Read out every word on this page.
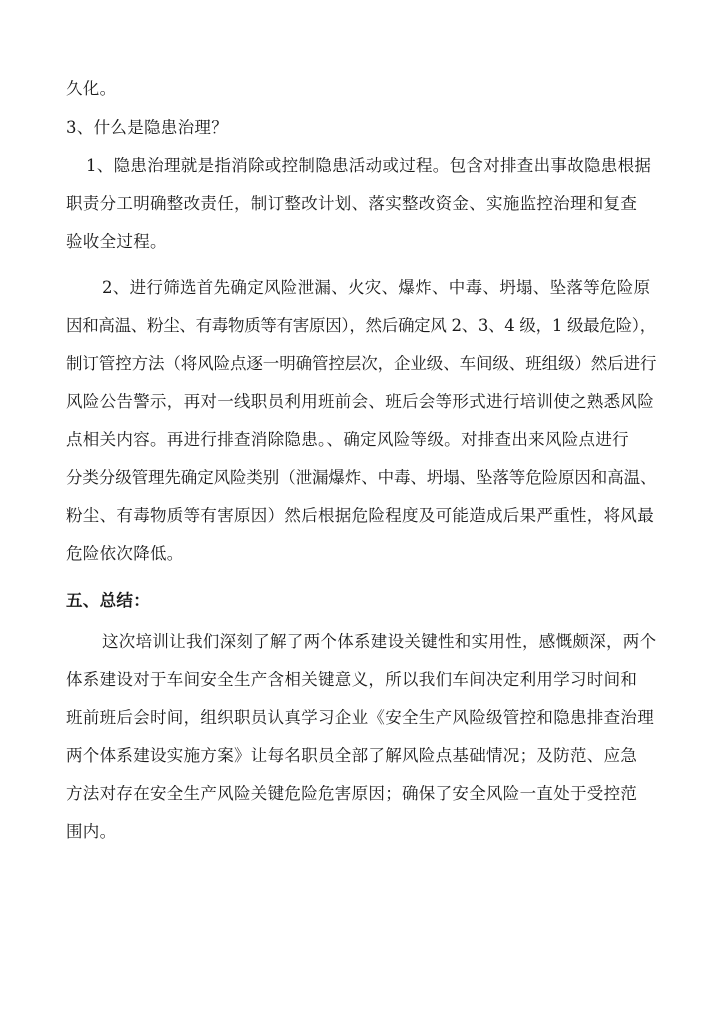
久化。
3、什么是隐患治理？
1、隐患治理就是指消除或控制隐患活动或过程。包含对排查出事故隐患根据
职责分工明确整改责任，制订整改计划、落实整改资金、实施监控治理和复查
验收全过程。
2、进行筛选首先确定风险泄漏、火灾、爆炸、中毒、坍塌、坠落等危险原
因和高温、粉尘、有毒物质等有害原因），然后确定风 2、3、4 级，1 级最危险），
制订管控方法（将风险点逐一明确管控层次，企业级、车间级、班组级）然后进行
风险公告警示，再对一线职员利用班前会、班后会等形式进行培训使之熟悉风险
点相关内容。再进行排查消除隐患。、确定风险等级。对排查出来风险点进行
分类分级管理先确定风险类别（泄漏爆炸、中毒、坍塌、坠落等危险原因和高温、
粉尘、有毒物质等有害原因）然后根据危险程度及可能造成后果严重性，将风最
危险依次降低。
五、总结：
这次培训让我们深刻了解了两个体系建设关键性和实用性，感慨颇深，两个
体系建设对于车间安全生产含相关键意义，所以我们车间决定利用学习时间和
班前班后会时间，组织职员认真学习企业《安全生产风险级管控和隐患排查治理
两个体系建设实施方案》让每名职员全部了解风险点基础情况；及防范、应急
方法对存在安全生产风险关键危险危害原因；确保了安全风险一直处于受控范
围内。
